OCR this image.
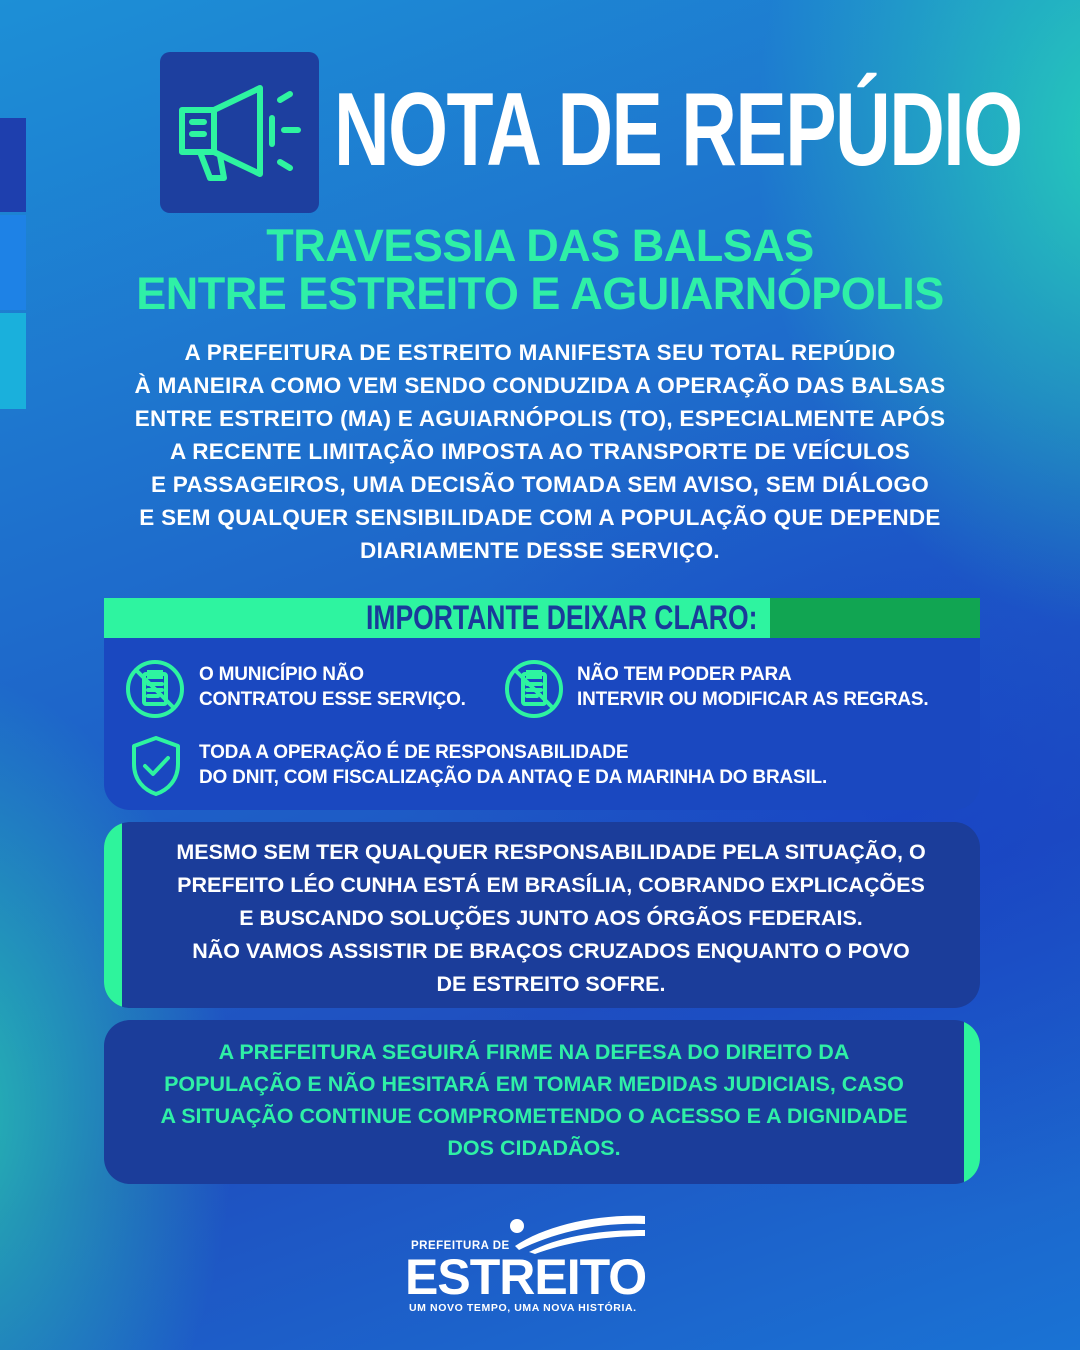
NOTA DE REPÚDIO
TRAVESSIA DAS BALSAS
ENTRE ESTREITO E AGUIARNÓPOLIS
A PREFEITURA DE ESTREITO MANIFESTA SEU TOTAL REPÚDIO
À MANEIRA COMO VEM SENDO CONDUZIDA A OPERAÇÃO DAS BALSAS
ENTRE ESTREITO (MA) E AGUIARNÓPOLIS (TO), ESPECIALMENTE APÓS
A RECENTE LIMITAÇÃO IMPOSTA AO TRANSPORTE DE VEÍCULOS
E PASSAGEIROS, UMA DECISÃO TOMADA SEM AVISO, SEM DIÁLOGO
E SEM QUALQUER SENSIBILIDADE COM A POPULAÇÃO QUE DEPENDE
DIARIAMENTE DESSE SERVIÇO.
IMPORTANTE DEIXAR CLARO:
O MUNICÍPIO NÃO
CONTRATOU ESSE SERVIÇO.
NÃO TEM PODER PARA
INTERVIR OU MODIFICAR AS REGRAS.
TODA A OPERAÇÃO É DE RESPONSABILIDADE
DO DNIT, COM FISCALIZAÇÃO DA ANTAQ E DA MARINHA DO BRASIL.
MESMO SEM TER QUALQUER RESPONSABILIDADE PELA SITUAÇÃO, O
PREFEITO LÉO CUNHA ESTÁ EM BRASÍLIA, COBRANDO EXPLICAÇÕES
E BUSCANDO SOLUÇÕES JUNTO AOS ÓRGÃOS FEDERAIS.
NÃO VAMOS ASSISTIR DE BRAÇOS CRUZADOS ENQUANTO O POVO
DE ESTREITO SOFRE.
A PREFEITURA SEGUIRÁ FIRME NA DEFESA DO DIREITO DA
POPULAÇÃO E NÃO HESITARÁ EM TOMAR MEDIDAS JUDICIAIS, CASO
A SITUAÇÃO CONTINUE COMPROMETENDO O ACESSO E A DIGNIDADE
DOS CIDADÃOS.
PREFEITURA DE
ESTREITO
UM NOVO TEMPO, UMA NOVA HISTÓRIA.
